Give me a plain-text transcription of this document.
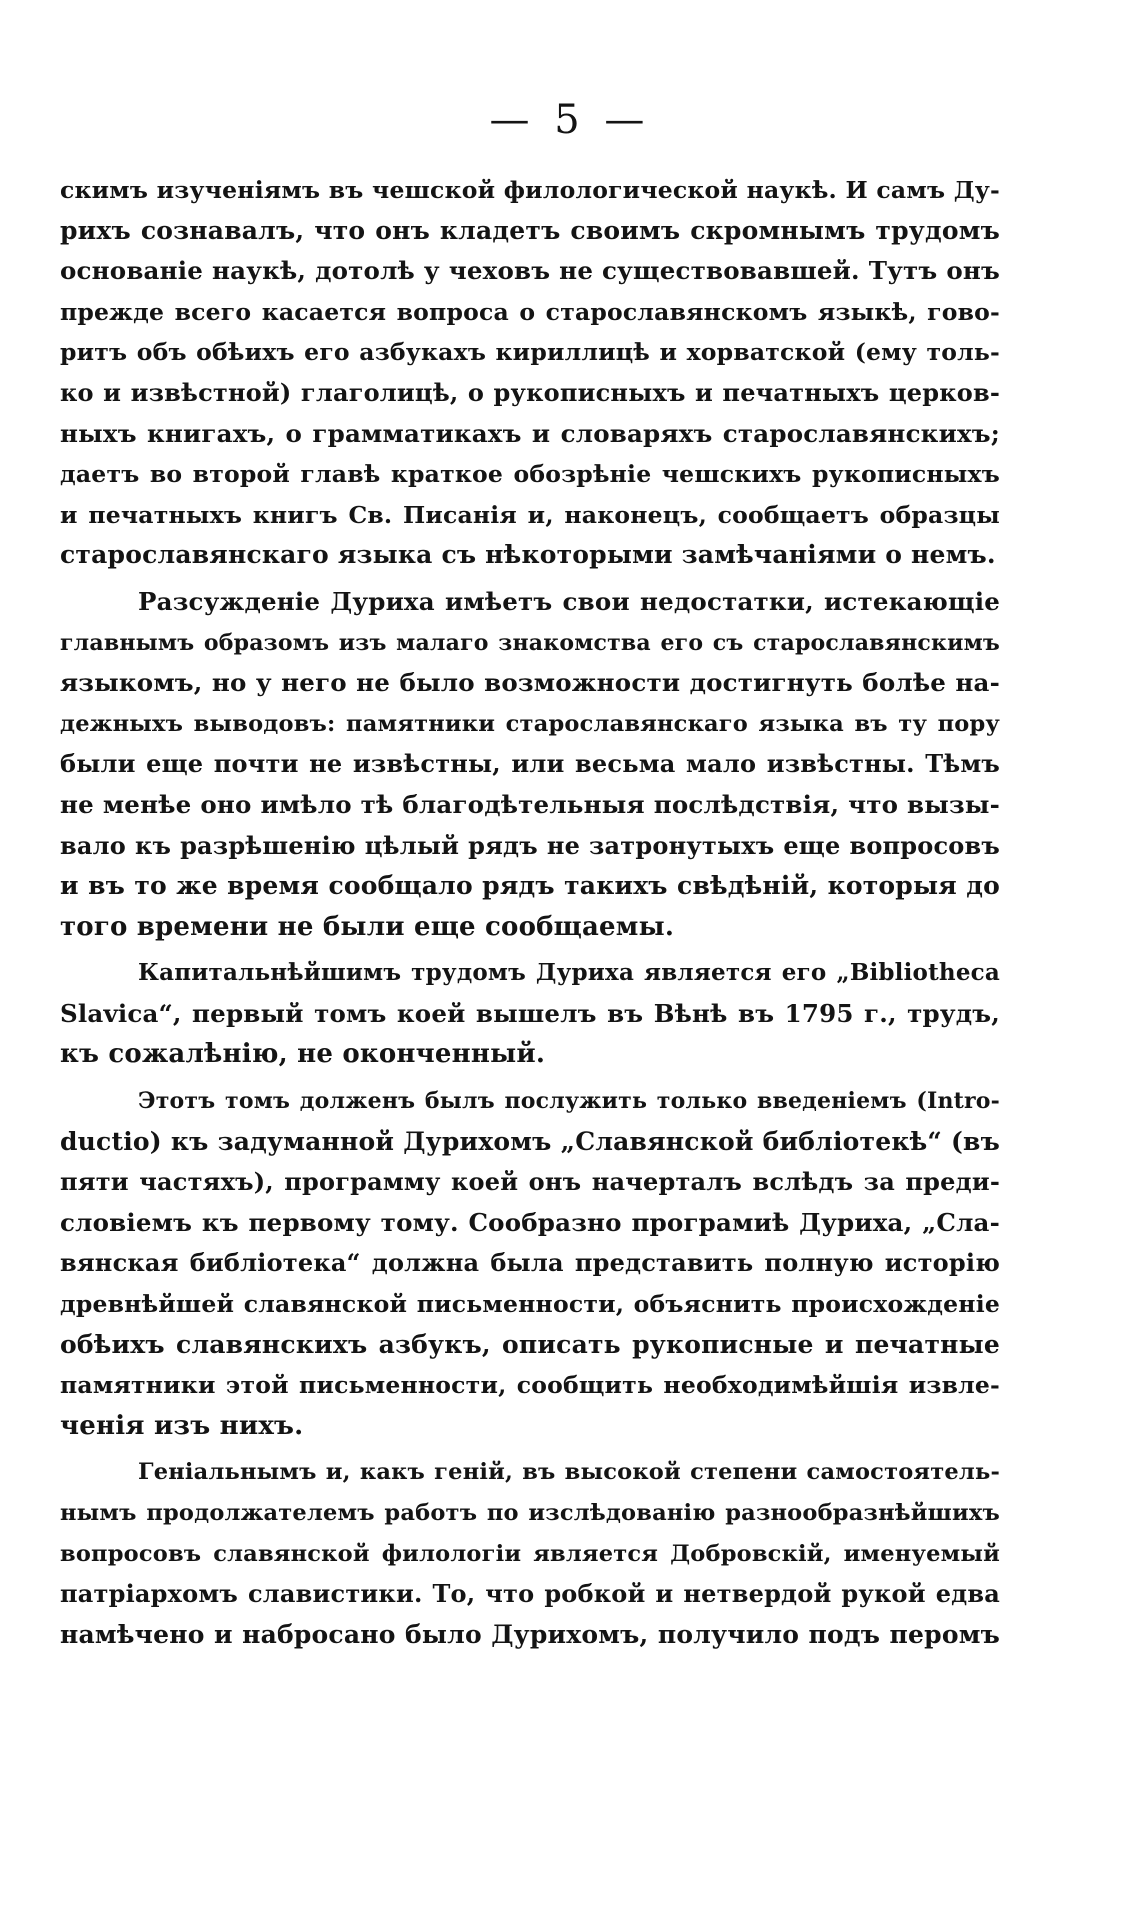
— 5 —

скимъ изученіямъ въ чешской филологической наукѣ. И самъ Ду-
рихъ сознавалъ, что онъ кладетъ своимъ скромнымъ трудомъ
основаніе наукѣ, дотолѣ у чеховъ не существовавшей. Тутъ онъ
прежде всего касается вопроса о старославянскомъ языкѣ, гово-
ритъ объ обѣихъ его азбукахъ кириллицѣ и хорватской (ему толь-
ко и извѣстной) глаголицѣ, о рукописныхъ и печатныхъ церков-
ныхъ книгахъ, о грамматикахъ и словаряхъ старославянскихъ;
даетъ во второй главѣ краткое обозрѣніе чешскихъ рукописныхъ
и печатныхъ книгъ Св. Писанія и, наконецъ, сообщаетъ образцы
старославянскаго языка съ нѣкоторыми замѣчаніями о немъ.

Разсужденіе Дуриха имѣетъ свои недостатки, истекающіе
главнымъ образомъ изъ малаго знакомства его съ старославянскимъ
языкомъ, но у него не было возможности достигнуть болѣе на-
дежныхъ выводовъ: памятники старославянскаго языка въ ту пору
были еще почти не извѣстны, или весьма мало извѣстны. Тѣмъ
не менѣе оно имѣло тѣ благодѣтельныя послѣдствія, что вызы-
вало къ разрѣшенію цѣлый рядъ не затронутыхъ еще вопросовъ
и въ то же время сообщало рядъ такихъ свѣдѣній, которыя до
того времени не были еще сообщаемы.

Капитальнѣйшимъ трудомъ Дуриха является его „Bibliotheca
Slavica“, первый томъ коей вышелъ въ Вѣнѣ въ 1795 г., трудъ,
къ сожалѣнію, не оконченный.

Этотъ томъ долженъ былъ послужить только введеніемъ (Intro-
ductio) къ задуманной Дурихомъ „Славянской библіотекѣ“ (въ
пяти частяхъ), программу коей онъ начерталъ вслѣдъ за преди-
словіемъ къ первому тому. Сообразно програмиѣ Дуриха, „Сла-
вянская библіотека“ должна была представить полную исторію
древнѣйшей славянской письменности, объяснить происхожденіе
обѣихъ славянскихъ азбукъ, описать рукописные и печатные
памятники этой письменности, сообщить необходимѣйшія извле-
ченія изъ нихъ.

Геніальнымъ и, какъ геній, въ высокой степени самостоятель-
нымъ продолжателемъ работъ по изслѣдованію разнообразнѣйшихъ
вопросовъ славянской филологіи является Добровскій, именуемый
патріархомъ славистики. То, что робкой и нетвердой рукой едва
намѣчено и набросано было Дурихомъ, получило подъ перомъ
